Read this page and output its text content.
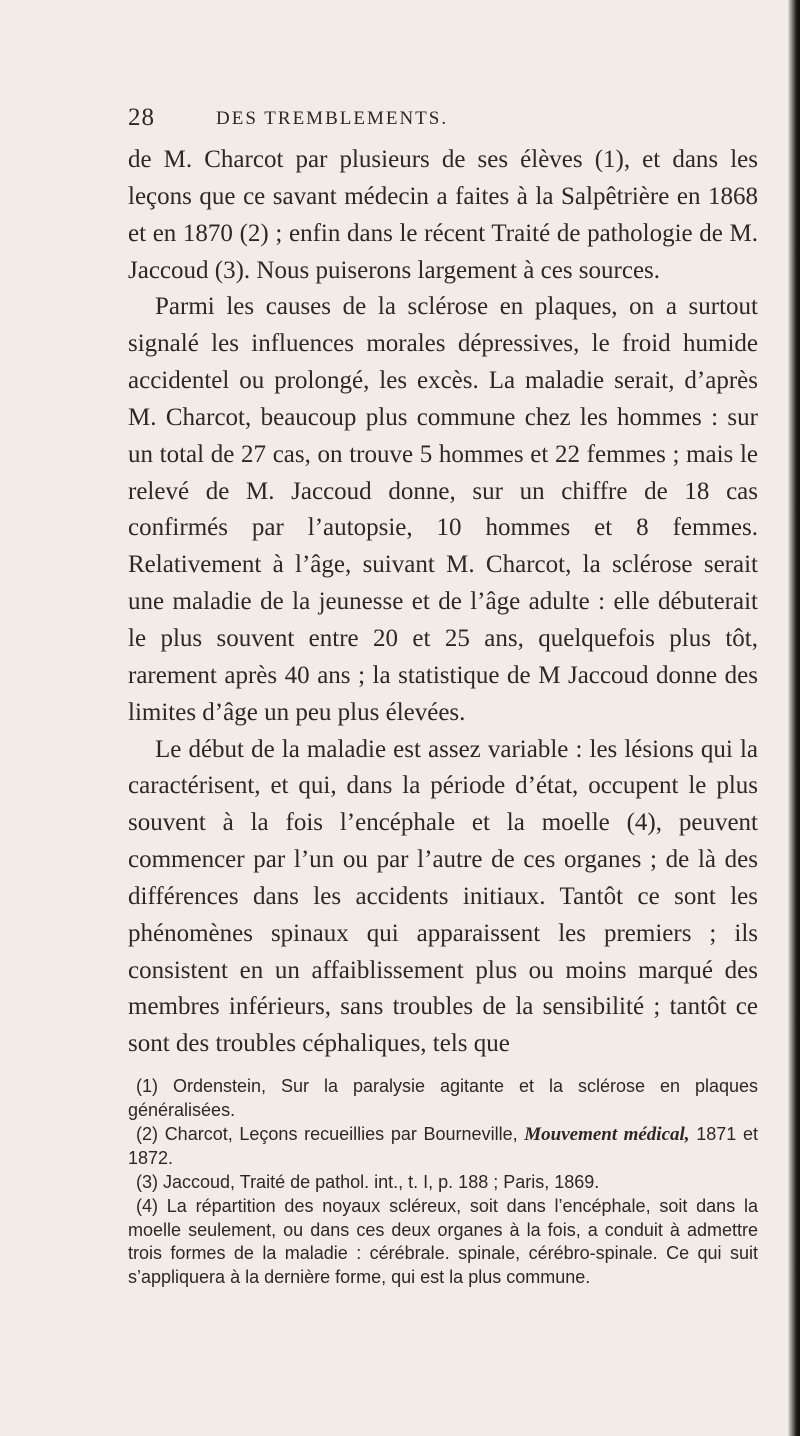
28	DES TREMBLEMENTS.

de M. Charcot par plusieurs de ses élèves (1), et dans les leçons que ce savant médecin a faites à la Salpêtrière en 1868 et en 1870 (2) ; enfin dans le récent Traité de pathologie de M. Jaccoud (3). Nous puiserons largement à ces sources.

Parmi les causes de la sclérose en plaques, on a surtout signalé les influences morales dépressives, le froid humide accidentel ou prolongé, les excès. La maladie serait, d’après M. Charcot, beaucoup plus commune chez les hommes : sur un total de 27 cas, on trouve 5 hommes et 22 femmes ; mais le relevé de M. Jaccoud donne, sur un chiffre de 18 cas confirmés par l’autopsie, 10 hommes et 8 femmes. Relativement à l’âge, suivant M. Charcot, la sclérose serait une maladie de la jeunesse et de l’âge adulte : elle débuterait le plus souvent entre 20 et 25 ans, quelquefois plus tôt, rarement après 40 ans ; la statistique de M Jaccoud donne des limites d’âge un peu plus élevées.

Le début de la maladie est assez variable : les lésions qui la caractérisent, et qui, dans la période d’état, occupent le plus souvent à la fois l’encéphale et la moelle (4), peuvent commencer par l’un ou par l’autre de ces organes ; de là des différences dans les accidents initiaux. Tantôt ce sont les phénomènes spinaux qui apparaissent les premiers ; ils consistent en un affaiblissement plus ou moins marqué des membres inférieurs, sans troubles de la sensibilité ; tantôt ce sont des troubles céphaliques, tels que

(1) Ordenstein, Sur la paralysie agitante et la sclérose en plaques généralisées.

(2) Charcot, Leçons recueillies par Bourneville, Mouvement médical, 1871 et 1872.

(3) Jaccoud, Traité de pathol. int., t. I, p. 188 ; Paris, 1869.

(4) La répartition des noyaux scléreux, soit dans l’encéphale, soit dans la moelle seulement, ou dans ces deux organes à la fois, a conduit à admettre trois formes de la maladie : cérébrale. spinale, cérébro-spinale. Ce qui suit s’appliquera à la dernière forme, qui est la plus commune.
